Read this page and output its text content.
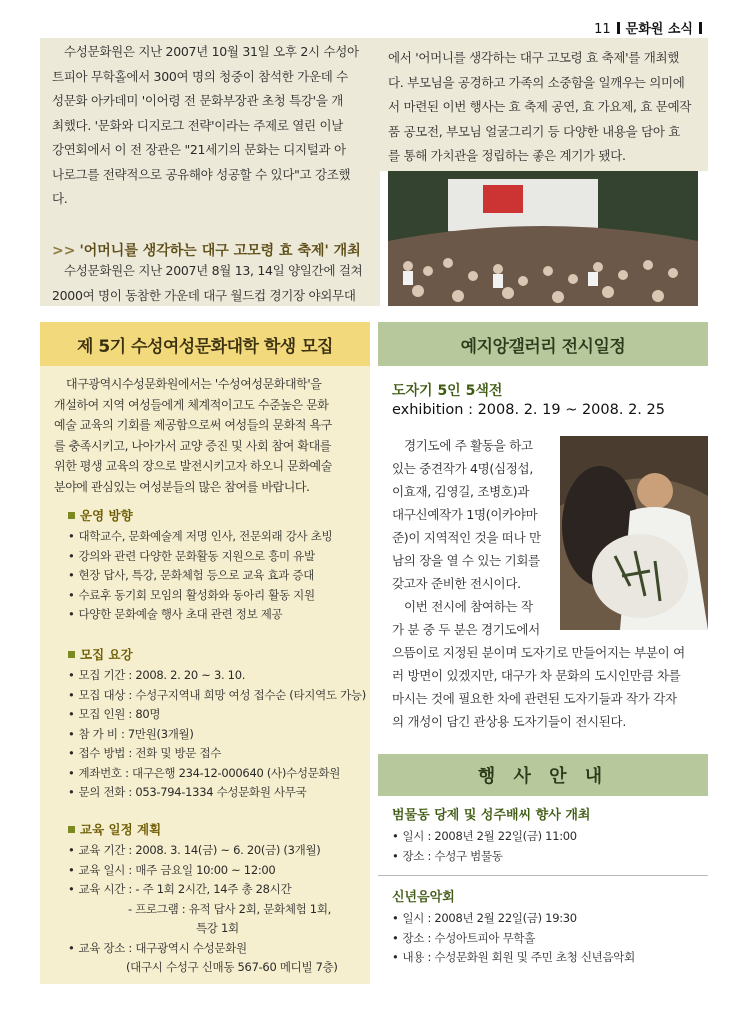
11 문화원 소식
수성문화원은 지난 2007년 10월 31일 오후 2시 수성아
트피아 무학홀에서 300여 명의 청중이 참석한 가운데 수
성문화 아카데미 '이어령 전 문화부장관 초청 특강'을 개
최했다. '문화와 디지로그 전략'이라는 주제로 열린 이날
강연회에서 이 전 장관은 "21세기의 문화는 디지털과 아
나로그를 전략적으로 공유해야 성공할 수 있다"고 강조했
다.
>> '어머니를 생각하는 대구 고모령 효 축제' 개최
수성문화원은 지난 2007년 8월 13, 14일 양일간에 걸쳐
2000여 명이 동참한 가운데 대구 월드컵 경기장 야외무대
에서 '어머니를 생각하는 대구 고모령 효 축제'를 개최했
다. 부모님을 공경하고 가족의 소중함을 일깨우는 의미에
서 마련된 이번 행사는 효 축제 공연, 효 가요제, 효 문예작
품 공모전, 부모님 얼굴그리기 등 다양한 내용을 담아 효
를 통해 가치관을 정립하는 좋은 계기가 됐다.
제 5기 수성여성문화대학 학생 모집
대구광역시수성문화원에서는 '수성여성문화대학'을
개설하여 지역 여성들에게 체계적이고도 수준높은 문화
예술 교육의 기회를 제공함으로써 여성들의 문화적 욕구
를 충족시키고, 나아가서 교양 증진 및 사회 참여 확대를
위한 평생 교육의 장으로 발전시키고자 하오니 문화예술
분야에 관심있는 여성분들의 많은 참여를 바랍니다.
운영 방향
• 대학교수, 문화예술계 저명 인사, 전문외래 강사 초빙
• 강의와 관련 다양한 문화활동 지원으로 흥미 유발
• 현장 답사, 특강, 문화체험 등으로 교육 효과 증대
• 수료후 동기회 모임의 활성화와 동아리 활동 지원
• 다양한 문화예술 행사 초대 관련 정보 제공
모집 요강
• 모집 기간 : 2008. 2. 20 ~ 3. 10.
• 모집 대상 : 수성구지역내 희망 여성 접수순 (타지역도 가능)
• 모집 인원 : 80명
• 참 가 비 : 7만원(3개월)
• 접수 방법 : 전화 및 방문 접수
• 계좌번호 : 대구은행 234-12-000640 (사)수성문화원
• 문의 전화 : 053-794-1334 수성문화원 사무국
교육 일정 계획
• 교육 기간 : 2008. 3. 14(금) ~ 6. 20(금) (3개월)
• 교육 일시 : 매주 금요일 10:00 ~ 12:00
• 교육 시간 : - 주 1회 2시간, 14주 총 28시간
- 프로그램 : 유적 답사 2회, 문화체험 1회,
특강 1회
• 교육 장소 : 대구광역시 수성문화원
(대구시 수성구 신매동 567-60 메디빌 7층)
예지앙갤러리 전시일정
도자기 5인 5색전
exhibition : 2008. 2. 19 ~ 2008. 2. 25
경기도에 주 활동을 하고
있는 중견작가 4명(심정섭,
이효재, 김영길, 조병호)과
대구신예작가 1명(이카야마
준)이 지역적인 것을 떠나 만
남의 장을 열 수 있는 기회를
갖고자 준비한 전시이다.
이번 전시에 참여하는 작
가 분 중 두 분은 경기도에서
으뜸이로 지정된 분이며 도자기로 만들어지는 부분이 여
러 방면이 있겠지만, 대구가 차 문화의 도시인만큼 차를
마시는 것에 필요한 차에 관련된 도자기들과 작가 각자
의 개성이 담긴 관상용 도자기들이 전시된다.
행 사 안 내
범물동 당제 및 성주배씨 향사 개최
• 일시 : 2008년 2월 22일(금) 11:00
• 장소 : 수성구 범물동
신년음악회
• 일시 : 2008년 2월 22일(금) 19:30
• 장소 : 수성아트피아 무학홀
• 내용 : 수성문화원 회원 및 주민 초청 신년음악회
